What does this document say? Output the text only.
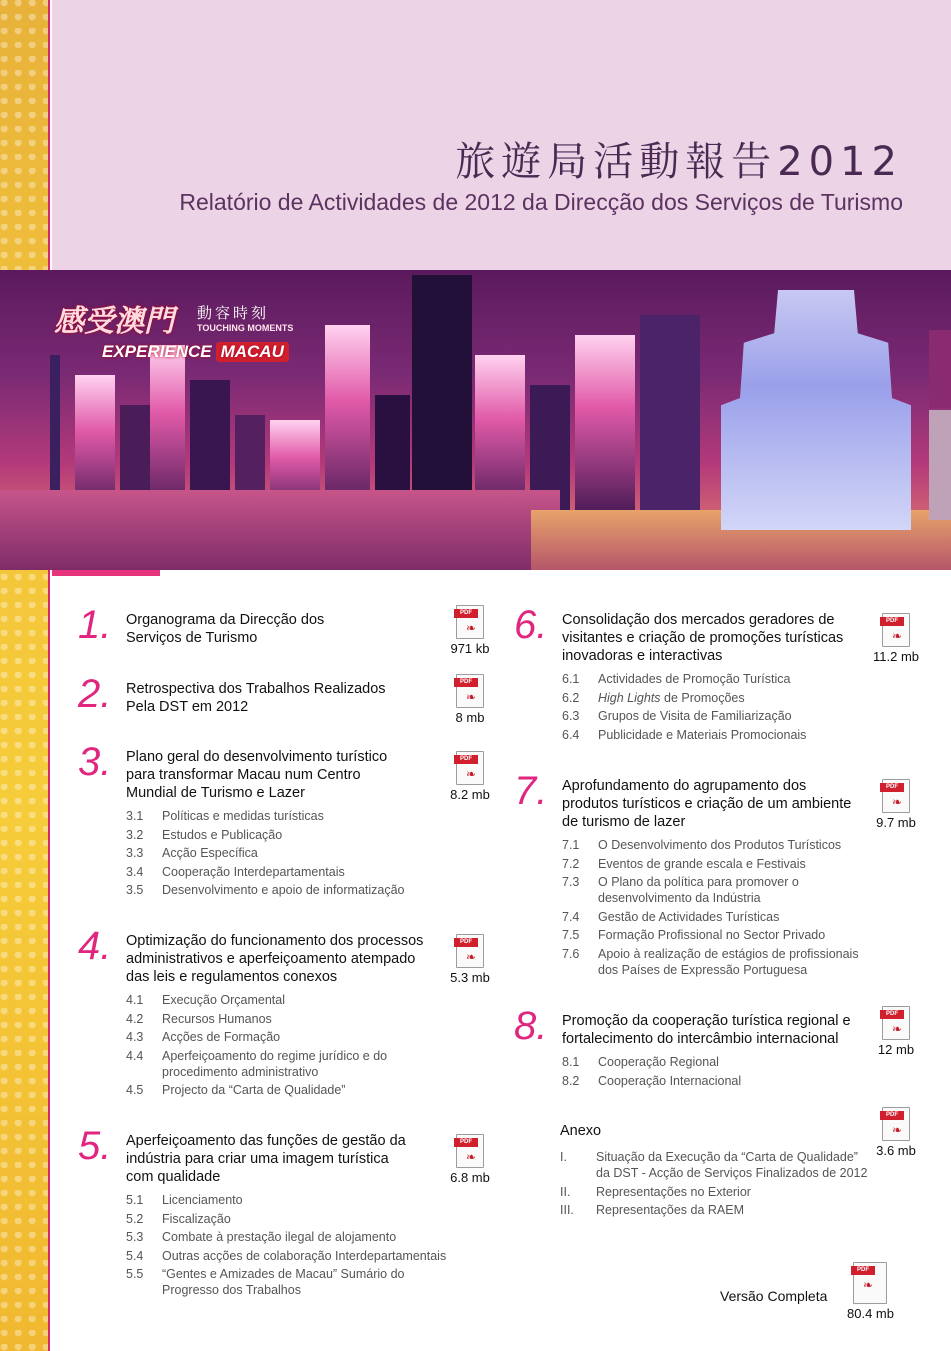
旅遊局活動報告2012
Relatório de Actividades de 2012 da Direcção dos Serviços de Turismo
感受澳門 動容時刻
TOUCHING MOMENTS
EXPERIENCE MACAU
1. Organograma da Direcção dos
Serviços de Turismo
2. Retrospectiva dos Trabalhos Realizados
Pela DST em 2012
3. Plano geral do desenvolvimento turístico
para transformar Macau num Centro
Mundial de Turismo e Lazer
3.1 Políticas e medidas turísticas
3.2 Estudos e Publicação
3.3 Acção Específica
3.4 Cooperação Interdepartamentais
3.5 Desenvolvimento e apoio de informatização
4. Optimização do funcionamento dos processos
administrativos e aperfeiçoamento atempado
das leis e regulamentos conexos
4.1 Execução Orçamental
4.2 Recursos Humanos
4.3 Acções de Formação
4.4 Aperfeiçoamento do regime jurídico e do
procedimento administrativo
4.5 Projecto da “Carta de Qualidade”
5. Aperfeiçoamento das funções de gestão da
indústria para criar uma imagem turística
com qualidade
5.1 Licenciamento
5.2 Fiscalização
5.3 Combate à prestação ilegal de alojamento
5.4 Outras acções de colaboração Interdepartamentais
5.5 “Gentes e Amizades de Macau” Sumário do
Progresso dos Trabalhos
6. Consolidação dos mercados geradores de
visitantes e criação de promoções turísticas
inovadoras e interactivas
6.1 Actividades de Promoção Turística
6.2 High Lights de Promoções
6.3 Grupos de Visita de Familiarização
6.4 Publicidade e Materiais Promocionais
7. Aprofundamento do agrupamento dos
produtos turísticos e criação de um ambiente
de turismo de lazer
7.1 O Desenvolvimento dos Produtos Turísticos
7.2 Eventos de grande escala e Festivais
7.3 O Plano da política para promover o
desenvolvimento da Indústria
7.4 Gestão de Actividades Turísticas
7.5 Formação Profissional no Sector Privado
7.6 Apoio à realização de estágios de profissionais
dos Países de Expressão Portuguesa
8. Promoção da cooperação turística regional e
fortalecimento do intercâmbio internacional
8.1 Cooperação Regional
8.2 Cooperação Internacional
Anexo
Versão Completa
PDF
❧
971 kb
PDF
❧
8 mb
PDF
❧
8.2 mb
PDF
❧
5.3 mb
PDF
❧
6.8 mb
PDF
❧
11.2 mb
PDF
❧
9.7 mb
PDF
❧
12 mb
I. Situação da Execução da “Carta de Qualidade”
da DST - Acção de Serviços Finalizados de 2012
II. Representações no Exterior
III. Representações da RAEM
PDF
❧
3.6 mb
PDF
❧
80.4 mb
